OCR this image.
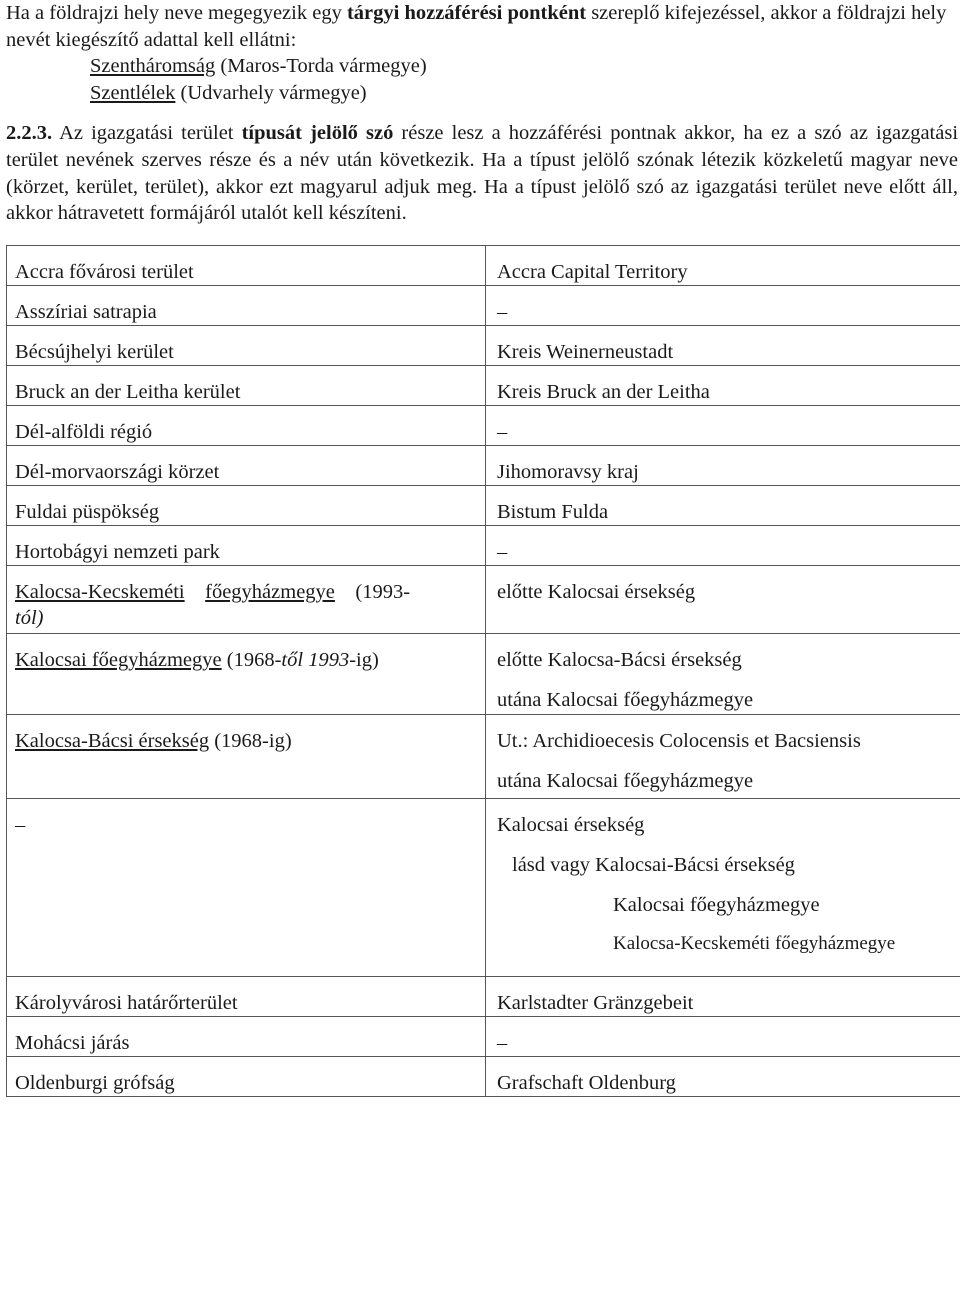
Ha a földrajzi hely neve megegyezik egy tárgyi hozzáférési pontként szereplő kifejezéssel, akkor a földrajzi hely nevét kiegészítő adattal kell ellátni:

Szentháromság (Maros-Torda vármegye)

Szentlélek (Udvarhely vármegye)

2.2.3. Az igazgatási terület típusát jelölő szó része lesz a hozzáférési pontnak akkor, ha ez a szó az igazgatási terület nevének szerves része és a név után következik. Ha a típust jelölő szónak létezik közkeletű magyar neve (körzet, kerület, terület), akkor ezt magyarul adjuk meg. Ha a típust jelölő szó az igazgatási terület neve előtt áll, akkor hátravetett formájáról utalót kell készíteni.
Accra fővárosi terület	Accra Capital Territory
Asszíriai satrapia	–
Bécsújhelyi kerület	Kreis Weinerneustadt
Bruck an der Leitha kerület	Kreis Bruck an der Leitha
Dél-alföldi régió	–
Dél-morvaországi körzet	Jihomoravsy kraj
Fuldai püspökség	Bistum Fulda
Hortobágyi nemzeti park	–
Kalocsa-Kecskeméti főegyházmegye (1993-
tól)	előtte Kalocsai érsekség
Kalocsai főegyházmegye (1968-től 1993-ig)	előtte Kalocsa-Bácsi érsekség
utána Kalocsai főegyházmegye

Kalocsa-Bácsi érsekség (1968-ig)	Ut.: Archidioecesis Colocensis et Bacsiensis
utána Kalocsai főegyházmegye

–	Kalocsai érsekség
lásd vagy Kalocsai-Bácsi érsekség
Kalocsai főegyházmegye
Kalocsa-Kecskeméti főegyházmegye

Károlyvárosi határőrterület	Karlstadter Gränzgebeit
Mohácsi járás	–
Oldenburgi grófság	Grafschaft Oldenburg
